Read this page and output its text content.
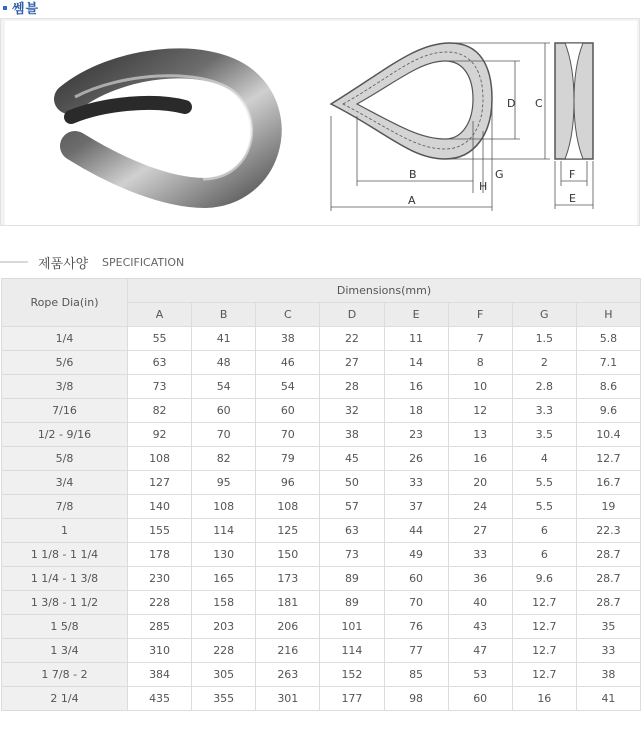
쎔블
A
B
C
D
E
F
G
H
제품사양 SPECIFICATION
Rope Dia(in)	Dimensions(mm)							
	A	B	C	D	E	F	G	H
1/4	55	41	38	22	11	7	1.5	5.8
5/6	63	48	46	27	14	8	2	7.1
3/8	73	54	54	28	16	10	2.8	8.6
7/16	82	60	60	32	18	12	3.3	9.6
1/2 - 9/16	92	70	70	38	23	13	3.5	10.4
5/8	108	82	79	45	26	16	4	12.7
3/4	127	95	96	50	33	20	5.5	16.7
7/8	140	108	108	57	37	24	5.5	19
1	155	114	125	63	44	27	6	22.3
1 1/8 - 1 1/4	178	130	150	73	49	33	6	28.7
1 1/4 - 1 3/8	230	165	173	89	60	36	9.6	28.7
1 3/8 - 1 1/2	228	158	181	89	70	40	12.7	28.7
1 5/8	285	203	206	101	76	43	12.7	35
1 3/4	310	228	216	114	77	47	12.7	33
1 7/8 - 2	384	305	263	152	85	53	12.7	38
2 1/4	435	355	301	177	98	60	16	41
